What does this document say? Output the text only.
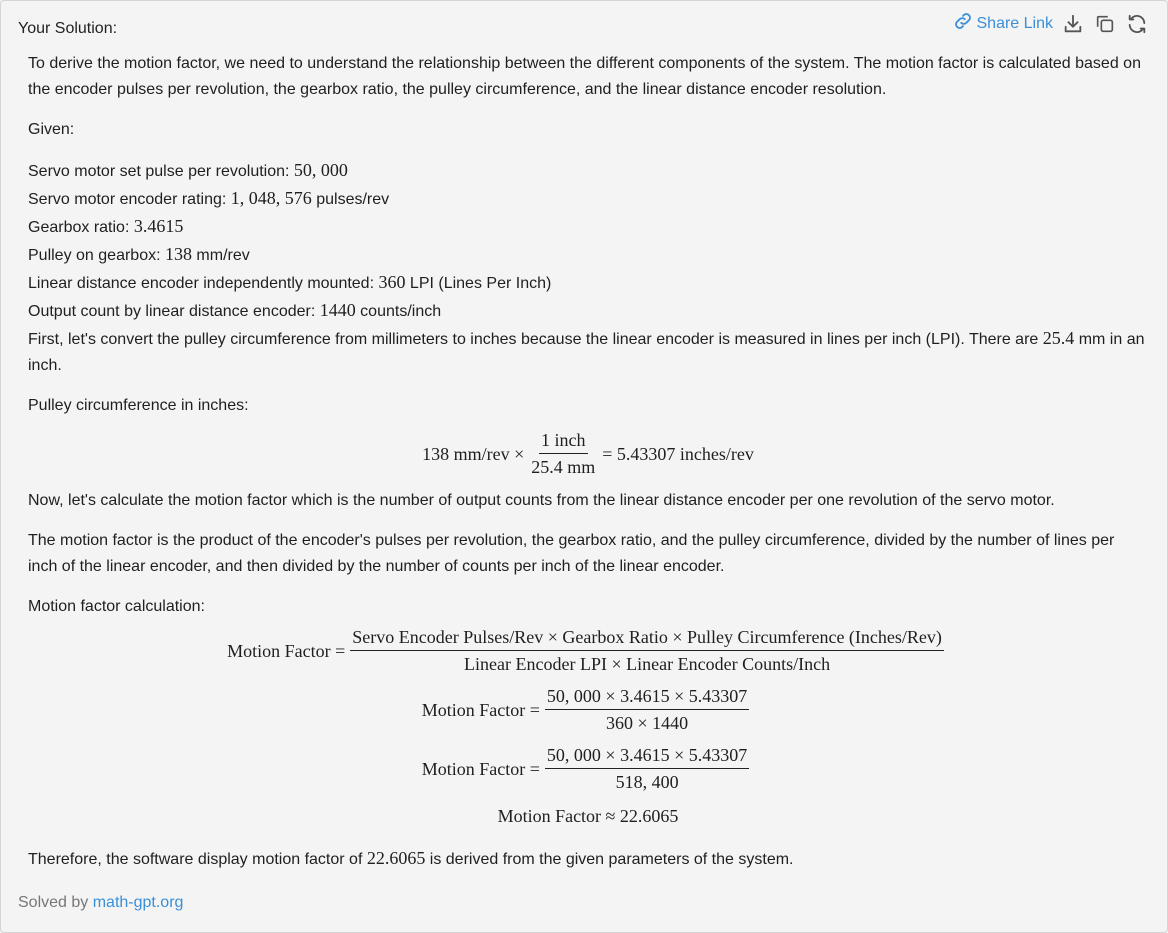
Your Solution:	Share Link

To derive the motion factor, we need to understand the relationship between the different components of the system. The motion factor is calculated based on the encoder pulses per revolution, the gearbox ratio, the pulley circumference, and the linear distance encoder resolution.

Given:

Servo motor set pulse per revolution: 50, 000
Servo motor encoder rating: 1, 048, 576 pulses/rev
Gearbox ratio: 3.4615
Pulley on gearbox: 138 mm/rev
Linear distance encoder independently mounted: 360 LPI (Lines Per Inch)
Output count by linear distance encoder: 1440 counts/inch

First, let's convert the pulley circumference from millimeters to inches because the linear encoder is measured in lines per inch (LPI). There are 25.4 mm in an inch.

Pulley circumference in inches:

138 $mm/rev \times \frac{\text{1 inch}}{25.4 mm} = 5.43307$ inches/rev

Now, let's calculate the motion factor which is the number of output counts from the linear distance encoder per one revolution of the servo motor.

The motion factor is the product of the encoder's pulses per revolution, the gearbox ratio, and the pulley circumference, divided by the number of lines per inch of the linear encoder, and then divided by the number of counts per inch of the linear encoder.

Motion factor calculation:

Motion Factor =
Servo Encoder Pulses/Rev × Gearbox Ratio × Pulley Circumference (Inches/Rev)
Linear Encoder LPI × Linear Encoder Counts/Inch
Motion Factor = $\frac{50, 000 \times 3.4615 \times 5.43307}{360 \times 1440}$
Motion Factor = $\frac{50, 000 \times 3.4615 \times 5.43307}{518, 400}$
Motion Factor ≈ 22.6065

Therefore, the software display motion factor of 22.6065 is derived from the given parameters of the system.

Solved by math-gpt.org
